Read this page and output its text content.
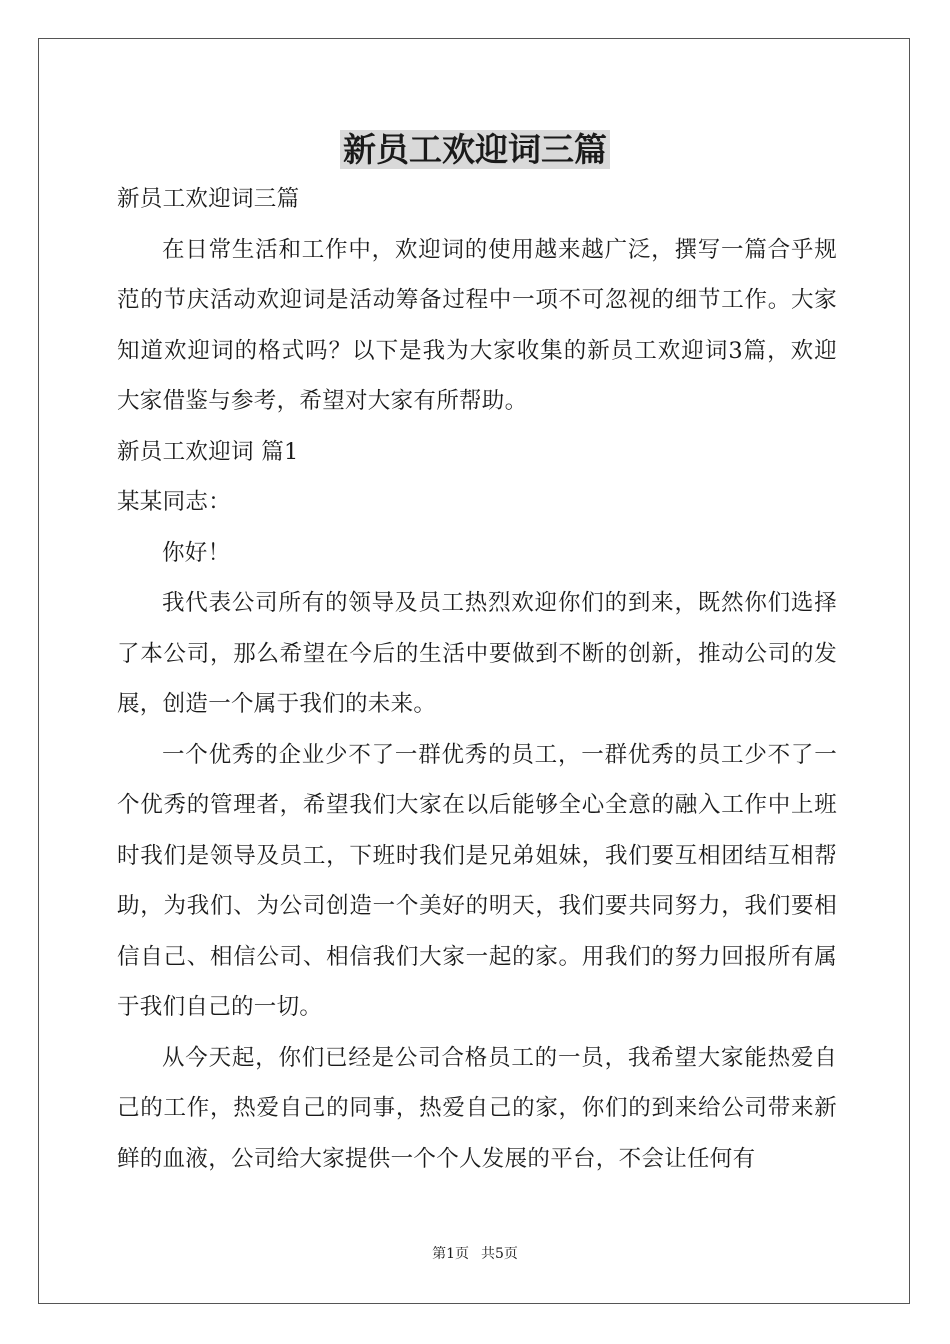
新员工欢迎词三篇

新员工欢迎词三篇

在日常生活和工作中，欢迎词的使用越来越广泛，撰写一篇合乎规范的节庆活动欢迎词是活动筹备过程中一项不可忽视的细节工作。大家知道欢迎词的格式吗？以下是我为大家收集的新员工欢迎词3篇，欢迎大家借鉴与参考，希望对大家有所帮助。

新员工欢迎词 篇1

某某同志：

你好！

我代表公司所有的领导及员工热烈欢迎你们的到来，既然你们选择了本公司，那么希望在今后的生活中要做到不断的创新，推动公司的发展，创造一个属于我们的未来。

一个优秀的企业少不了一群优秀的员工，一群优秀的员工少不了一个优秀的管理者，希望我们大家在以后能够全心全意的融入工作中上班时我们是领导及员工，下班时我们是兄弟姐妹，我们要互相团结互相帮助，为我们、为公司创造一个美好的明天，我们要共同努力，我们要相信自己、相信公司、相信我们大家一起的家。用我们的努力回报所有属于我们自己的一切。

从今天起，你们已经是公司合格员工的一员，我希望大家能热爱自己的工作，热爱自己的同事，热爱自己的家，你们的到来给公司带来新鲜的血液，公司给大家提供一个个人发展的平台，不会让任何有

第1页 共5页
